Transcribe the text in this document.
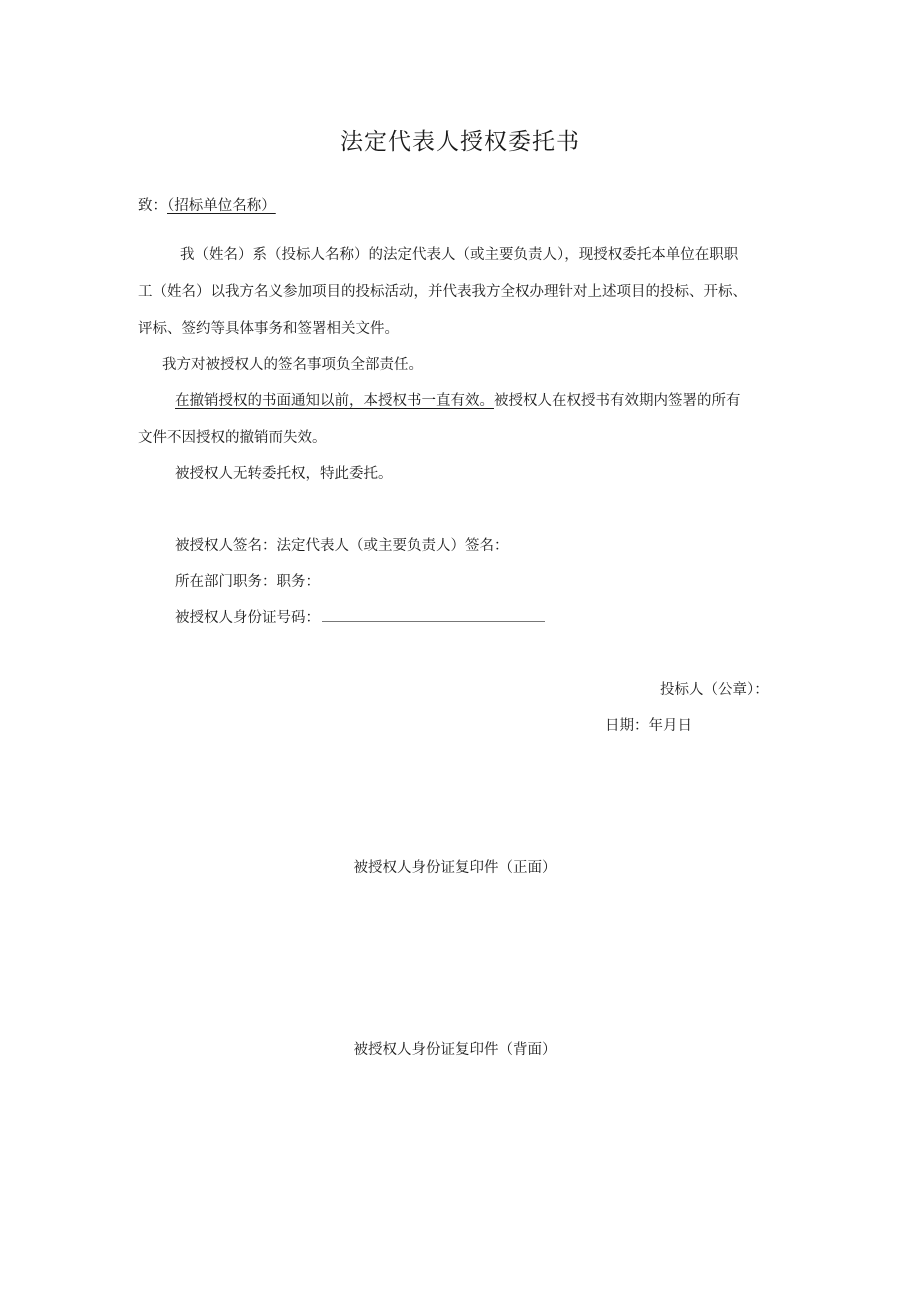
法定代表人授权委托书
致：（招标单位名称）
我（姓名）系（投标人名称）的法定代表人（或主要负责人），现授权委托本单位在职职
工（姓名）以我方名义参加项目的投标活动，并代表我方全权办理针对上述项目的投标、开标、
评标、签约等具体事务和签署相关文件。
我方对被授权人的签名事项负全部责任。
在撤销授权的书面通知以前，本授权书一直有效。被授权人在权授书有效期内签署的所有
文件不因授权的撤销而失效。
被授权人无转委托权，特此委托。
被授权人签名：法定代表人（或主要负责人）签名：
所在部门职务：职务：
被授权人身份证号码：
投标人（公章）：
日期：年月日
被授权人身份证复印件（正面）
被授权人身份证复印件（背面）
